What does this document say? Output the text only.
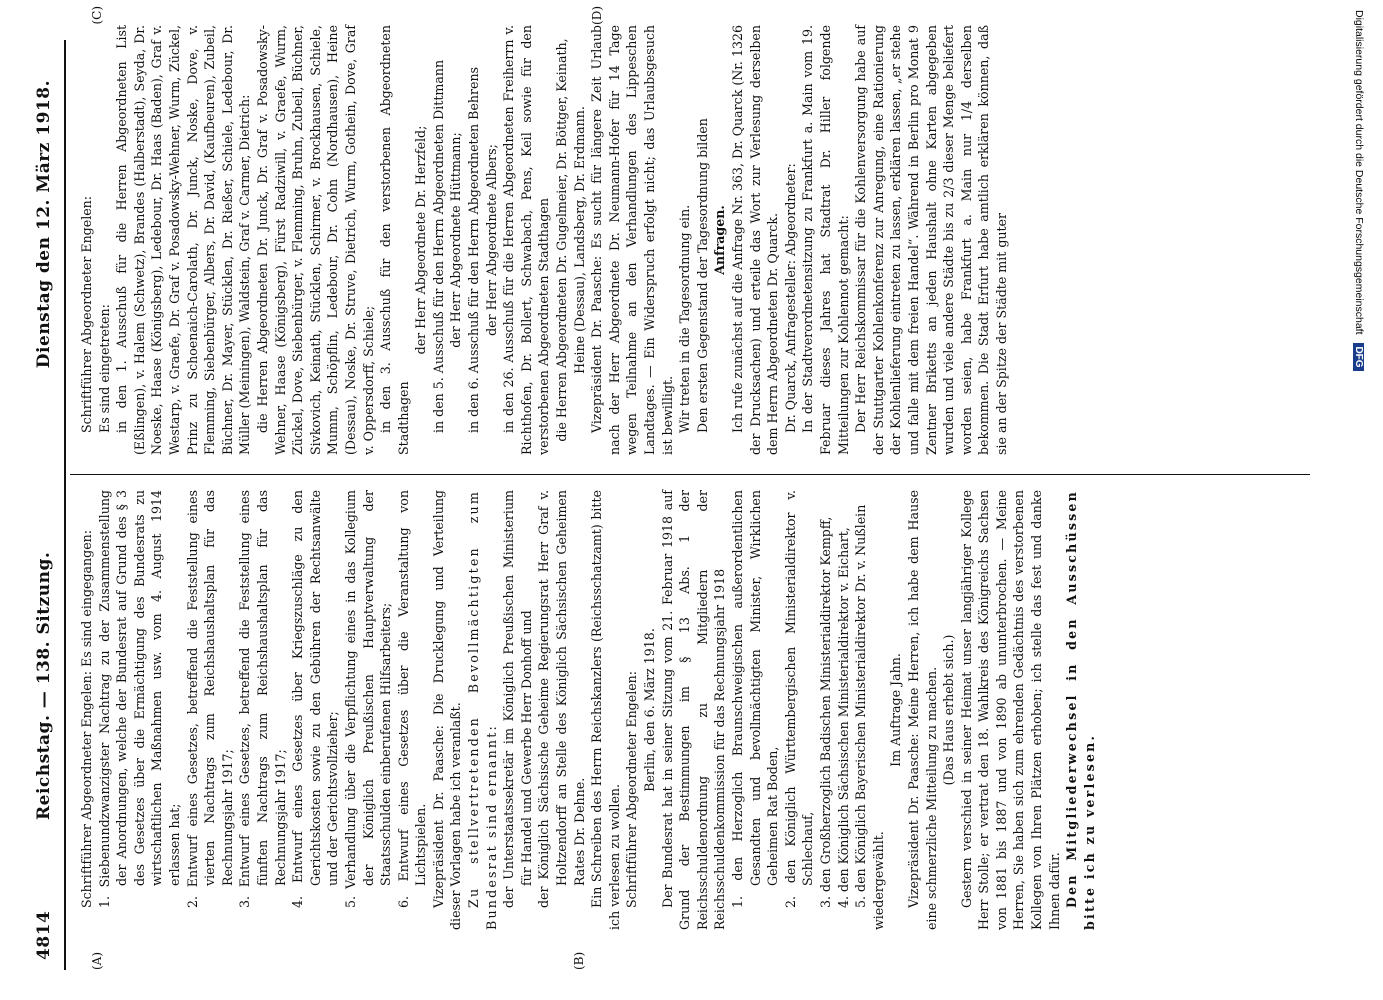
4814
Reichstag. — 138. Sitzung.
Dienstag den 12. März 1918.
(A)	(B)
(C)	(D)

Schriftführer Abgeordneter Engelen: Es sind eingegangen: 1. Siebenundzwanzigster Nachtrag zu der Zusammenstellung der Anordnungen, welche der Bundesrat auf Grund des § 3 des Gesetzes über die Ermächtigung des Bundesrats zu wirtschaftlichen Maßnahmen usw. vom 4. August 1914 erlassen hat; 2. Entwurf eines Gesetzes, betreffend die Feststellung eines vierten Nachtrags zum Reichshaushaltsplan für das Rechnungsjahr 1917; 3. Entwurf eines Gesetzes, betreffend die Feststellung eines fünften Nachtrags zum Reichshaushaltsplan für das Rechnungsjahr 1917; 4. Entwurf eines Gesetzes über Kriegszuschläge zu den Gerichtskosten sowie zu den Gebühren der Rechtsanwälte und der Gerichtsvollzieher; 5. Verhandlung über die Verpflichtung eines in das Kollegium der Königlich Preußischen Hauptverwaltung der Staatsschulden einberufenen Hilfsarbeiters; 6. Entwurf eines Gesetzes über die Veranstaltung von Lichtspielen. Vizepräsident Dr. Paasche: Die Drucklegung und Verteilung dieser Vorlagen habe ich veranlaßt. Zu stellvertretenden Bevollmächtigten zum Bundesrat sind ernannt: der Unterstaatssekretär im Königlich Preußischen Ministerium für Handel und Gewerbe Herr Donhoff und der Königlich Sächsische Geheime Regierungsrat Herr Graf v. Holtzendorff an Stelle des Königlich Sächsischen Geheimen Rates Dr. Dehne. Ein Schreiben des Herrn Reichskanzlers (Reichsschatzamt) bitte ich verlesen zu wollen. Schriftführer Abgeordneter Engelen: Berlin, den 6. März 1918. Der Bundesrat hat in seiner Sitzung vom 21. Februar 1918 auf Grund der Bestimmungen im § 13 Abs. 1 der Reichsschuldenordnung zu Mitgliedern der Reichsschuldenkommission für das Rechnungsjahr 1918 1. den Herzoglich Braunschweigischen außerordentlichen Gesandten und bevollmächtigten Minister, Wirklichen Geheimen Rat Boden, 2. den Königlich Württembergischen Ministerialdirektor v. Schlechauf, 3. den Großherzoglich Badischen Ministerialdirektor Kempff, 4. den Königlich Sächsischen Ministerialdirektor v. Eichart, 5. den Königlich Bayerischen Ministerialdirektor Dr. v. Nußlein wiedergewählt.

Im Auftrage Jahn. Vizepräsident Dr. Paasche: Meine Herren, ich habe dem Hause eine schmerzliche Mitteilung zu machen. (Das Haus erhebt sich.) Gestern verschied in seiner Heimat unser langjähriger Kollege Herr Stolle; er vertrat den 18. Wahlkreis des Königreichs Sachsen von 1881 bis 1887 und von 1890 ab ununterbrochen. — Meine Herren, Sie haben sich zum ehrenden Gedächtnis des verstorbenen Kollegen von Ihren Plätzen erhoben; ich stelle das fest und danke Ihnen dafür. Den Mitgliederwechsel in den Ausschüssen bitte ich zu verlesen.

Schriftführer Abgeordneter Engelen: Es sind eingetreten: in den 1. Ausschuß für die Herren Abgeordneten List (Eßlingen), v. Halem (Schwetz), Brandes (Halberstadt), Seyda, Dr. Noeske, Haase (Königsberg), Ledebour, Dr. Haas (Baden), Graf v. Westarp, v. Graefe, Dr. Graf v. Posadowsky-Wehner, Wurm, Zückel, Prinz zu Schoenaich-Carolath, Dr. Junck, Noske, Dove, v. Flemming, Siebenbürger, Albers, Dr. David, (Kaufbeuren), Zubeil, Büchner, Dr. Mayer, Stücklen, Dr. Rießer, Schiele, Ledebour, Dr. Müller (Meiningen), Waldstein, Graf v. Carmer, Dietrich: die Herren Abgeordneten Dr. Junck, Dr. Graf v. Posadowsky-Wehner, Haase (Königsberg), Fürst Radziwill, v. Graefe, Wurm, Zückel, Dove, Siebenbürger, v. Flemming, Bruhn, Zubeil, Büchner, Sivkovich, Keinath, Stücklen, Schirmer, v. Brockhausen, Schiele, Mumm, Schöpflin, Ledebour, Dr. Cohn (Nordhausen), Heine (Dessau), Noske, Dr. Struve, Dietrich, Wurm, Gothein, Dove, Graf v. Oppersdorff, Schiele; in den 3. Ausschuß für den verstorbenen Abgeordneten Stadthagen

der Herr Abgeordnete Dr. Herzfeld; in den 5. Ausschuß für den Herrn Abgeordneten Dittmann der Herr Abgeordnete Hüttmann; in den 6. Ausschuß für den Herrn Abgeordneten Behrens der Herr Abgeordnete Albers; in den 26. Ausschuß für die Herren Abgeordneten Freiherrn v. Richthofen, Dr. Bollert, Schwabach, Pens, Keil sowie für den verstorbenen Abgeordneten Stadthagen die Herren Abgeordneten Dr. Gugelmeier, Dr. Böttger, Keinath, Heine (Dessau), Landsberg, Dr. Erdmann. Vizepräsident Dr. Paasche: Es sucht für längere Zeit Urlaub nach der Herr Abgeordnete Dr. Neumann-Hofer für 14 Tage wegen Teilnahme an den Verhandlungen des Lippeschen Landtages. — Ein Widerspruch erfolgt nicht; das Urlaubsgesuch ist bewilligt. Wir treten in die Tagesordnung ein. Den ersten Gegenstand der Tagesordnung bilden Anfragen. Ich rufe zunächst auf die Anfrage Nr. 363, Dr. Quarck (Nr. 1326 der Drucksachen) und erteile das Wort zur Verlesung derselben dem Herrn Abgeordneten Dr. Quarck. Dr. Quarck, Anfragesteller: Abgeordneter: In der Stadtverordnetensitzung zu Frankfurt a. Main vom 19. Februar dieses Jahres hat Stadtrat Dr. Hiller folgende Mitteilungen zur Kohlennot gemacht: Der Herr Reichskommissar für die Kohlenversorgung habe auf der Stuttgarter Kohlenkonferenz zur Anregung, eine Rationierung der Kohlenlieferung eintreten zu lassen, erklären lassen, „er stehe und falle mit dem freien Handel“. Während in Berlin pro Monat 9 Zentner Briketts an jeden Haushalt ohne Karten abgegeben wurden und viele andere Städte bis zu 2/3 dieser Menge beliefert worden seien, habe Frankfurt a. Main nur 1/4 derselben bekommen. Die Stadt Erfurt habe amtlich erklären können, daß sie an der Spitze der Städte mit guter	Digitalisierung gefördert durch die Deutsche Forschungsgemeinschaft DFG
